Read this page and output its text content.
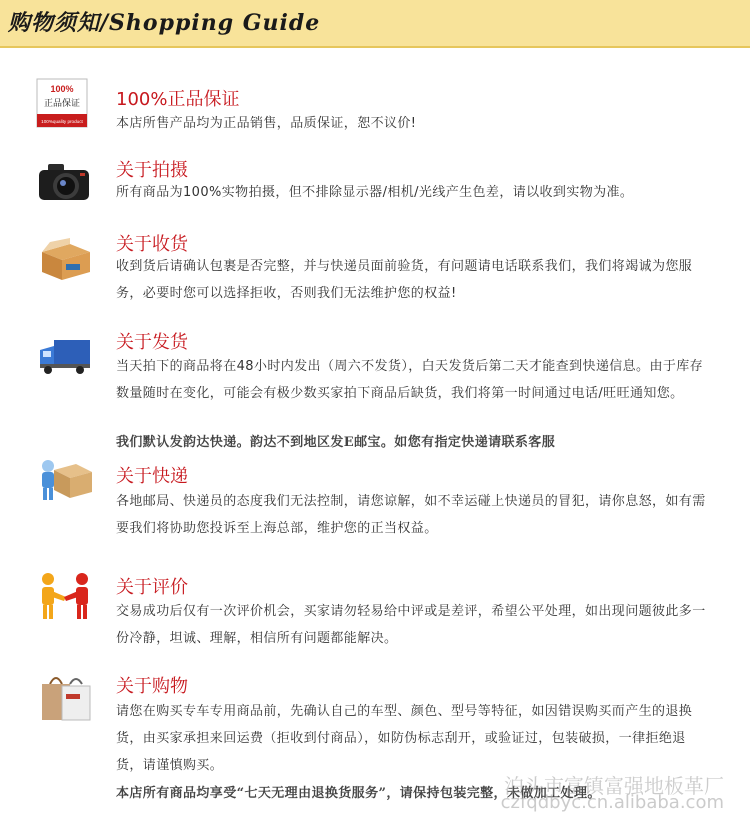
购物须知/Shopping Guide
100%
正品保证
100%quality product
100%正品保证

本店所售产品均为正品销售，品质保证，恕不议价!

关于拍摄

所有商品为100%实物拍摄，但不排除显示器/相机/光线产生色差，请以收到实物为准。

关于收货

收到货后请确认包裹是否完整，并与快递员面前验货，有问题请电话联系我们，我们将竭诚为您服务，必要时您可以选择拒收，否则我们无法维护您的权益!

关于发货

当天拍下的商品将在48小时内发出（周六不发货），白天发货后第二天才能查到快递信息。由于库存数量随时在变化，可能会有极少数买家拍下商品后缺货，我们将第一时间通过电话/旺旺通知您。

我们默认发韵达快递。韵达不到地区发E邮宝。如您有指定快递请联系客服

关于快递

各地邮局、快递员的态度我们无法控制，请您谅解，如不幸运碰上快递员的冒犯，请你息怒，如有需要我们将协助您投诉至上海总部，维护您的正当权益。

关于评价

交易成功后仅有一次评价机会，买家请勿轻易给中评或是差评，希望公平处理，如出现问题彼此多一份冷静，坦诚、理解，相信所有问题都能解决。

关于购物

请您在购买专车专用商品前，先确认自己的车型、颜色、型号等特征，如因错误购买而产生的退换货，由买家承担来回运费（拒收到付商品），如防伪标志刮开，或验证过，包装破损，一律拒绝退货，请谨慎购买。

本店所有商品均享受“七天无理由退换货服务”，请保持包装完整，未做加工处理。

泊头市富镇富强地板革厂
czfqdbyc.cn.alibaba.com
